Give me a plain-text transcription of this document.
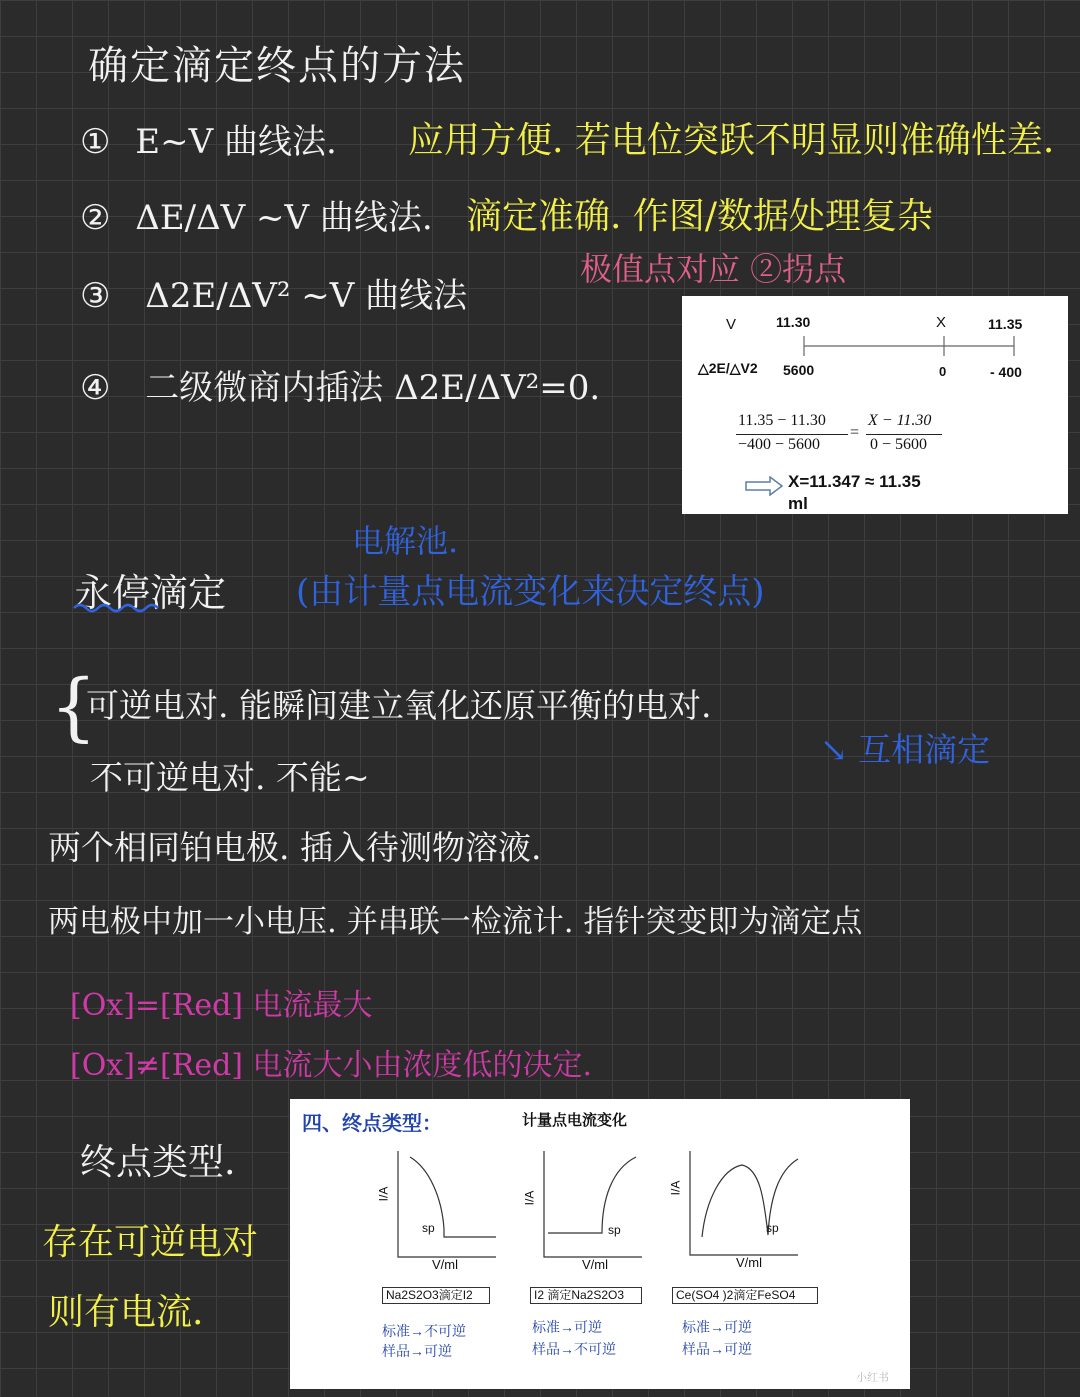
确定滴定终点的方法
① E~V 曲线法. 应用方便. 若电位突跃不明显则准确性差.
② ΔE/ΔV ~V 曲线法. 滴定准确. 作图/数据处理复杂
极值点对应 ②拐点
③ Δ2E/ΔV² ~V 曲线法
④ 二级微商内插法 Δ2E/ΔV²=0.
V	11.30	X	11.35
△2E/△V2 5600	0	- 400
11.35 − 11.30
−400 − 5600
=
X − 11.30
0 − 5600
X=11.347 ≈ 11.35
ml
电解池.
永停滴定 (由计量点电流变化来决定终点)
{
可逆电对. 能瞬间建立氧化还原平衡的电对.
不可逆电对. 不能~
↘ 互相滴定
两个相同铂电极. 插入待测物溶液.
两电极中加一小电压. 并串联一检流计. 指针突变即为滴定点
[Ox]=[Red] 电流最大
[Ox]≠[Red] 电流大小由浓度低的决定.
终点类型.
存在可逆电对
则有电流.
四、终点类型：	计量点电流变化
I/A
sp
V/ml
I/A
sp
V/ml
I/A
sp
V/ml
Na2S2O3滴定I2
标准→不可逆
样品→可逆
I2 滴定Na2S2O3
标准→可逆
样品→不可逆
Ce(SO4 )2滴定FeSO4
标准→可逆
样品→可逆
小红书
